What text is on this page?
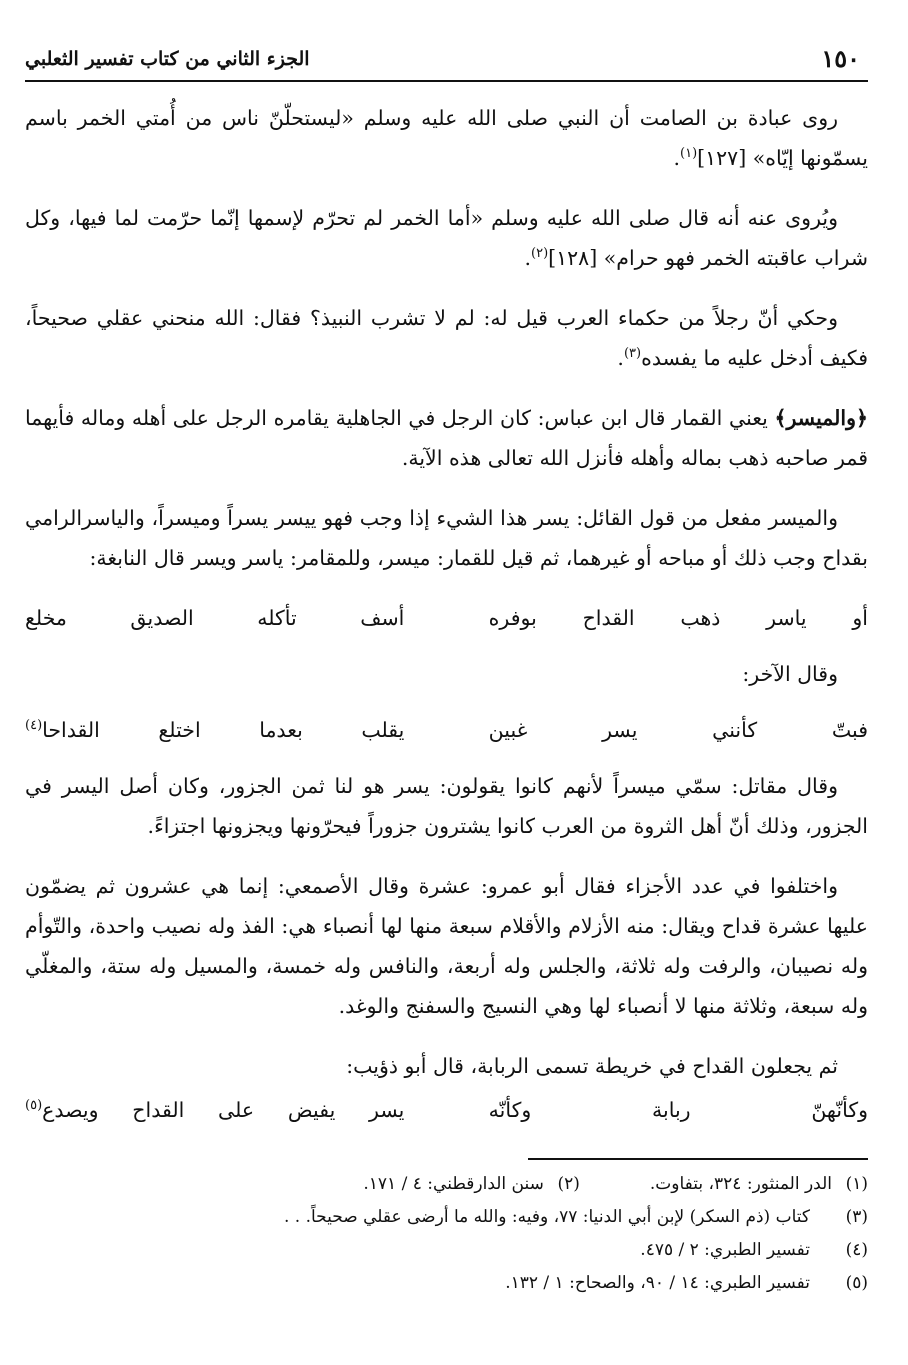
١٥٠
الجزء الثاني من كتاب تفسير الثعلبي

روى عبادة بن الصامت أن النبي صلى الله عليه وسلم «ليستحلّنّ ناس من أُمتي الخمر باسم يسمّونها إيّاه» [١٢٧]$^{(١)}$.

ويُروى عنه أنه قال صلى الله عليه وسلم «أما الخمر لم تحرّم لإسمها إنّما حرّمت لما فيها، وكل شراب عاقبته الخمر فهو حرام» [١٢٨]$^{(٢)}$.

وحكي أنّ رجلاً من حكماء العرب قيل له: لم لا تشرب النبيذ؟ فقال: الله منحني عقلي صحيحاً، فكيف أدخل عليه ما يفسده$^{(٣)}$.

﴿والميسر﴾ يعني القمار قال ابن عباس: كان الرجل في الجاهلية يقامره الرجل على أهله وماله فأيهما قمر صاحبه ذهب بماله وأهله فأنزل الله تعالى هذه الآية.

والميسر مفعل من قول القائل: يسر هذا الشيء إذا وجب فهو ييسر يسراً وميسراً، والياسرالرامي بقداح وجب ذلك أو مباحه أو غيرهما، ثم قيل للقمار: ميسر، وللمقامر: ياسر ويسر قال النابغة:

أو ياسر ذهب القداح بوفره
أسف تأكله الصديق مخلع

وقال الآخر:

فبتّ كأنني يسر غبين
يقلب بعدما اختلع القداحا$^{(٤)}$

وقال مقاتل: سمّي ميسراً لأنهم كانوا يقولون: يسر هو لنا ثمن الجزور، وكان أصل اليسر في الجزور، وذلك أنّ أهل الثروة من العرب كانوا يشترون جزوراً فيحرّونها ويجزونها اجتزاءً.

واختلفوا في عدد الأجزاء فقال أبو عمرو: عشرة وقال الأصمعي: إنما هي عشرون ثم يضمّون عليها عشرة قداح ويقال: منه الأزلام والأقلام سبعة منها لها أنصباء هي: الفذ وله نصيب واحدة، والتّوأم وله نصيبان، والرفت وله ثلاثة، والجلس وله أربعة، والنافس وله خمسة، والمسيل وله ستة، والمغلّي وله سبعة، وثلاثة منها لا أنصباء لها وهي النسيج والسفنج والوغد.

ثم يجعلون القداح في خريطة تسمى الربابة، قال أبو ذؤيب:

وكأنّهنّ ربابة وكأنّه
يسر يفيض على القداح ويصدع$^{(٥)}$
(١)
الدر المنثور: ٣٢٤، بتفاوت.
(٢)
سنن الدارقطني: ٤ / ١٧١.
(٣)
كتاب (ذم السكر) لإبن أبي الدنيا: ٧٧، وفيه: والله ما أرضى عقلي صحيحاً. . .
(٤)
تفسير الطبري: ٢ / ٤٧٥.
(٥)
تفسير الطبري: ١٤ / ٩٠، والصحاح: ١ / ١٣٢.
